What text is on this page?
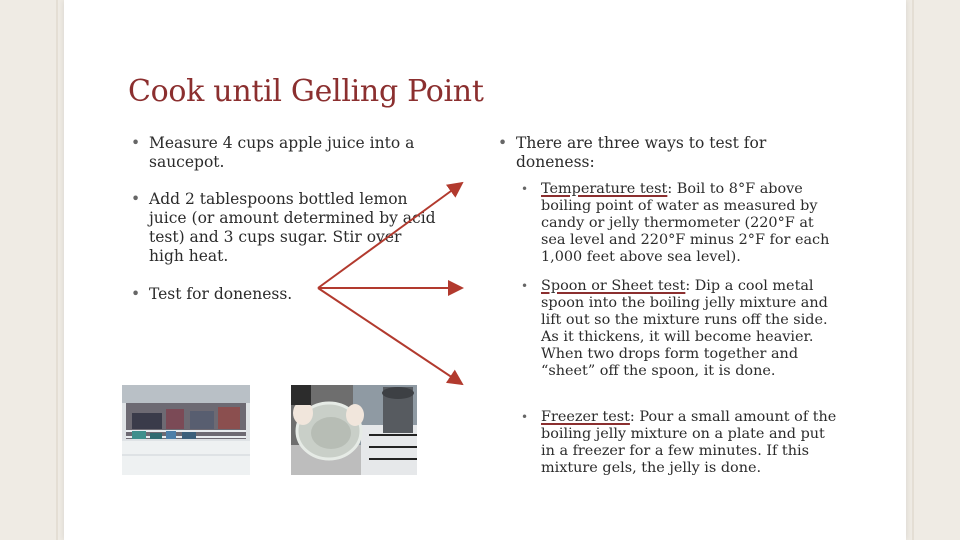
Cook until Gelling Point
• Measure 4 cups apple juice into a saucepot.
• Add 2 tablespoons bottled lemon juice (or amount determined by acid test) and 3 cups sugar. Stir over high heat.
• Test for doneness.
• There are three ways to test for doneness:
• Temperature test: Boil to 8°F above boiling point of water as measured by candy or jelly thermometer (220°F at sea level and 220°F minus 2°F for each 1,000 feet above sea level).
• Spoon or Sheet test: Dip a cool metal spoon into the boiling jelly mixture and lift out so the mixture runs off the side. As it thickens, it will become heavier. When two drops form together and “sheet” off the spoon, it is done.
• Freezer test: Pour a small amount of the boiling jelly mixture on a plate and put in a freezer for a few minutes. If this mixture gels, the jelly is done.
